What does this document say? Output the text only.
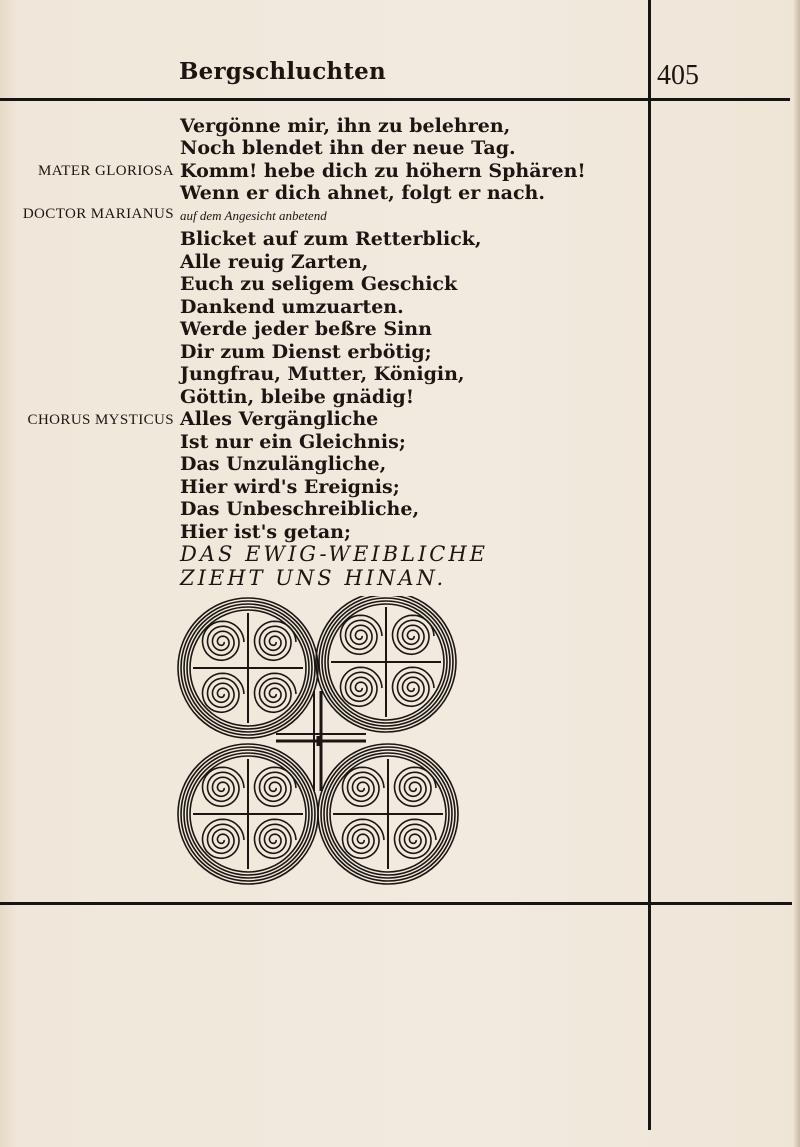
Bergschluchten	405
Vergönne mir, ihn zu belehren,
Noch blendet ihn der neue Tag.
MATER GLORIOSA Komm! hebe dich zu höhern Sphären!
Wenn er dich ahnet, folgt er nach.
DOCTOR MARIANUS auf dem Angesicht anbetend
Blicket auf zum Retterblick,
Alle reuig Zarten,
Euch zu seligem Geschick
Dankend umzuarten.
Werde jeder beßre Sinn
Dir zum Dienst erbötig;
Jungfrau, Mutter, Königin,
Göttin, bleibe gnädig!
CHORUS MYSTICUS Alles Vergängliche
Ist nur ein Gleichnis;
Das Unzulängliche,
Hier wird's Ereignis;
Das Unbeschreibliche,
Hier ist's getan;
DAS EWIG-WEIBLICHE
ZIEHT UNS HINAN.
